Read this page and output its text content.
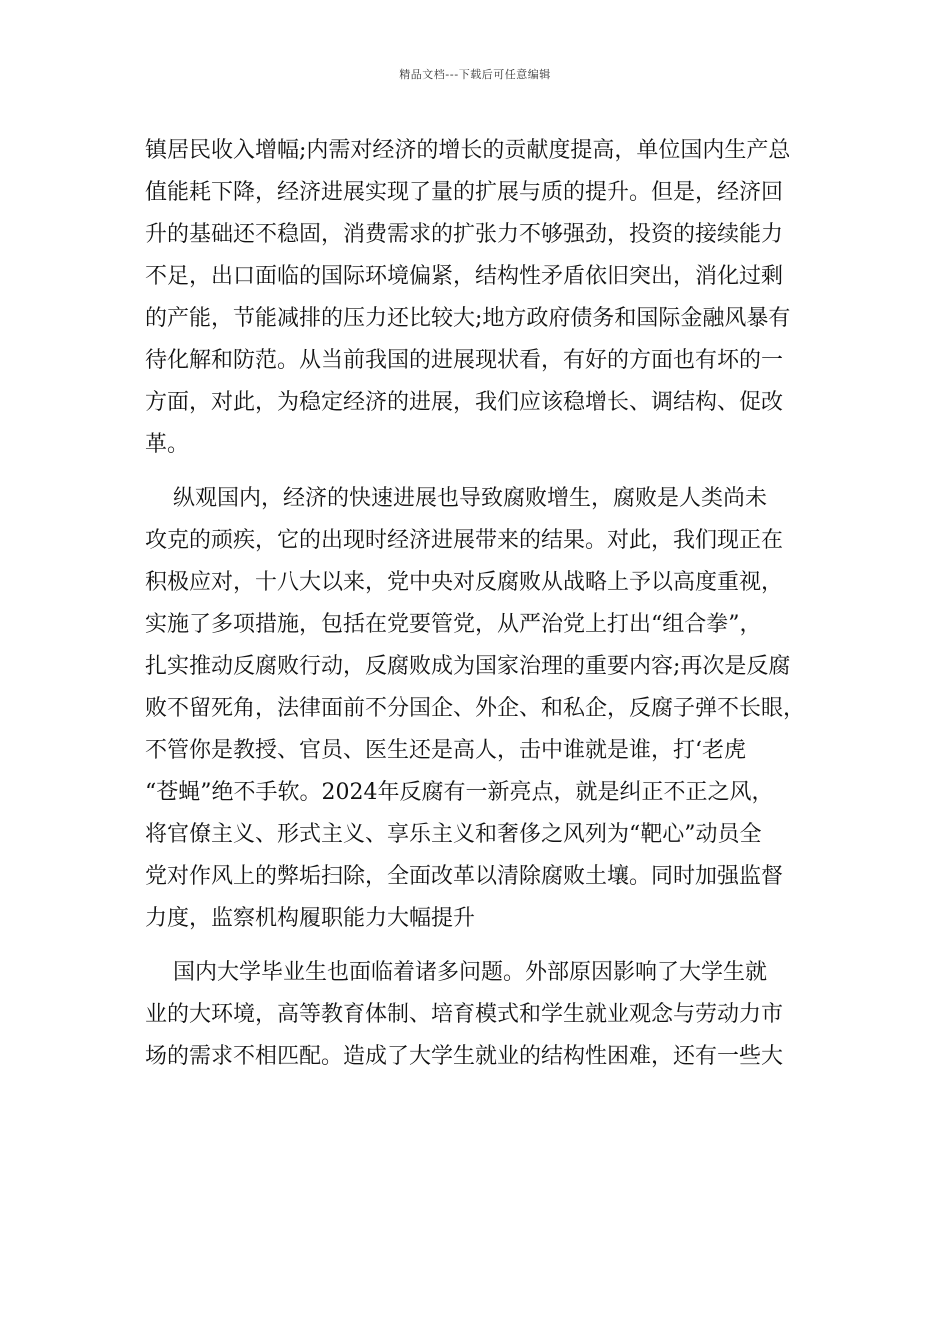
精品文档---下载后可任意编辑
镇居民收入增幅;内需对经济的增长的贡献度提高，单位国内生产总
值能耗下降，经济进展实现了量的扩展与质的提升。但是，经济回
升的基础还不稳固，消费需求的扩张力不够强劲，投资的接续能力
不足，出口面临的国际环境偏紧，结构性矛盾依旧突出，消化过剩
的产能，节能减排的压力还比较大;地方政府债务和国际金融风暴有
待化解和防范。从当前我国的进展现状看，有好的方面也有坏的一
方面，对此，为稳定经济的进展，我们应该稳增长、调结构、促改
革。
纵观国内，经济的快速进展也导致腐败增生，腐败是人类尚未
攻克的顽疾，它的出现时经济进展带来的结果。对此，我们现正在
积极应对，十八大以来，党中央对反腐败从战略上予以高度重视，
实施了多项措施，包括在党要管党，从严治党上打出“组合拳”，
扎实推动反腐败行动，反腐败成为国家治理的重要内容;再次是反腐
败不留死角，法律面前不分国企、外企、和私企，反腐子弹不长眼，
不管你是教授、官员、医生还是高人，击中谁就是谁，打‘老虎
“苍蝇”绝不手软。2024年反腐有一新亮点，就是纠正不正之风，
将官僚主义、形式主义、享乐主义和奢侈之风列为“靶心”动员全
党对作风上的弊垢扫除，全面改革以清除腐败土壤。同时加强监督
力度，监察机构履职能力大幅提升
国内大学毕业生也面临着诸多问题。外部原因影响了大学生就
业的大环境，高等教育体制、培育模式和学生就业观念与劳动力市
场的需求不相匹配。造成了大学生就业的结构性困难，还有一些大
